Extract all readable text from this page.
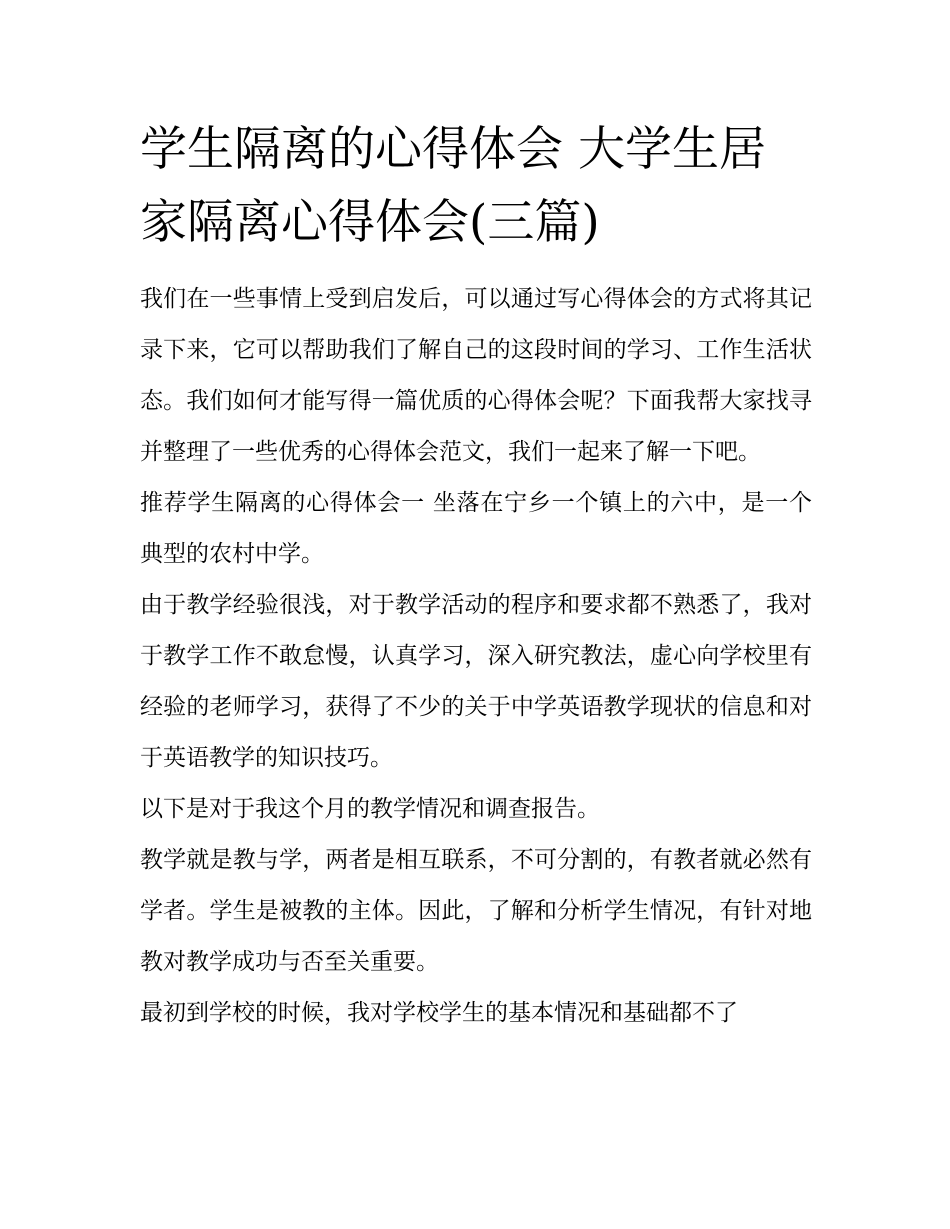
学生隔离的心得体会 大学生居家隔离心得体会(三篇)

我们在一些事情上受到启发后，可以通过写心得体会的方式将其记录下来，它可以帮助我们了解自己的这段时间的学习、工作生活状态。我们如何才能写得一篇优质的心得体会呢？下面我帮大家找寻并整理了一些优秀的心得体会范文，我们一起来了解一下吧。

推荐学生隔离的心得体会一 坐落在宁乡一个镇上的六中，是一个典型的农村中学。

由于教学经验很浅，对于教学活动的程序和要求都不熟悉了，我对于教学工作不敢怠慢，认真学习，深入研究教法，虚心向学校里有经验的老师学习，获得了不少的关于中学英语教学现状的信息和对于英语教学的知识技巧。

以下是对于我这个月的教学情况和调查报告。

教学就是教与学，两者是相互联系，不可分割的，有教者就必然有学者。学生是被教的主体。因此，了解和分析学生情况，有针对地教对教学成功与否至关重要。

最初到学校的时候，我对学校学生的基本情况和基础都不了
